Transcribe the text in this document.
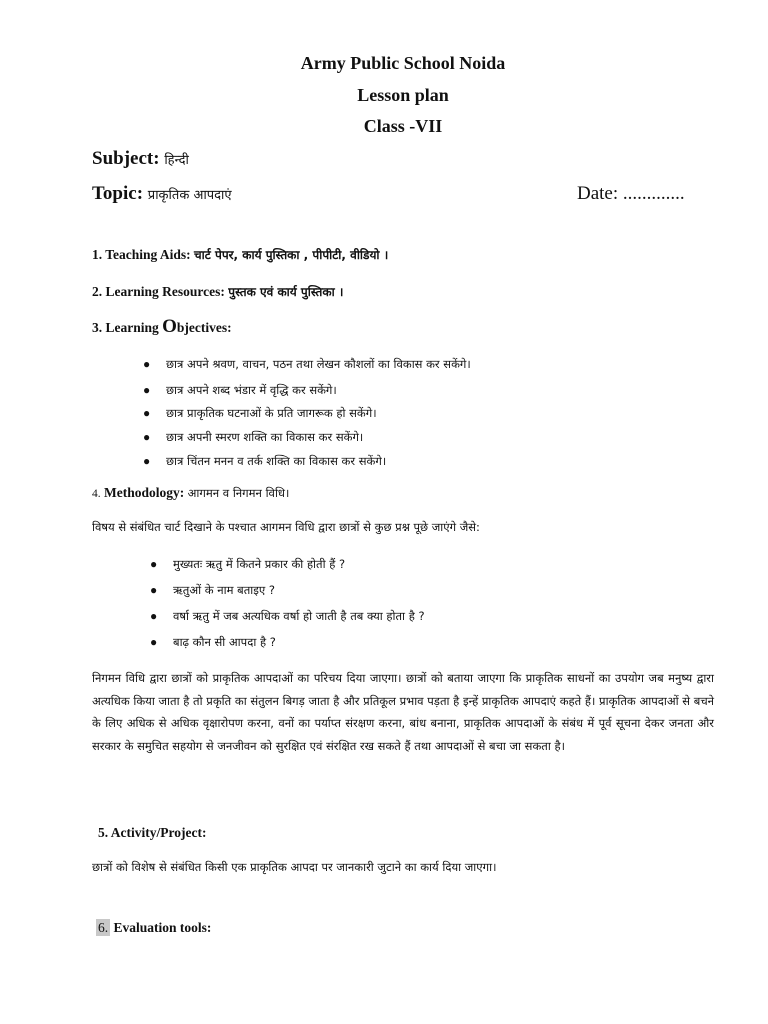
Army Public School Noida
Lesson plan
Class -VII
Subject: हिन्दी
Topic: प्राकृतिक आपदाएं	Date: .............
1. Teaching Aids: चार्ट पेपर, कार्य पुस्तिका , पीपीटी, वीडियो ।
2. Learning Resources: पुस्तक एवं कार्य पुस्तिका ।
3. Learning Objectives:
● छात्र अपने श्रवण, वाचन, पठन तथा लेखन कौशलों का विकास कर सकेंगे।
● छात्र अपने शब्द भंडार में वृद्धि कर सकेंगे।
● छात्र प्राकृतिक घटनाओं के प्रति जागरूक हो सकेंगे।
● छात्र अपनी स्मरण शक्ति का विकास कर सकेंगे।
● छात्र चिंतन मनन व तर्क शक्ति का विकास कर सकेंगे।
4. Methodology: आगमन व निगमन विधि।
विषय से संबंधित चार्ट दिखाने के पश्चात आगमन विधि द्वारा छात्रों से कुछ प्रश्न पूछे जाएंगे जैसे:
● मुख्यतः ऋतु में कितने प्रकार की होती हैं ?
● ऋतुओं के नाम बताइए ?
● वर्षा ऋतु में जब अत्यधिक वर्षा हो जाती है तब क्या होता है ?
● बाढ़ कौन सी आपदा है ?
निगमन विधि द्वारा छात्रों को प्राकृतिक आपदाओं का परिचय दिया जाएगा। छात्रों को बताया जाएगा कि प्राकृतिक साधनों का उपयोग जब मनुष्य द्वारा अत्यधिक किया जाता है तो प्रकृति का संतुलन बिगड़ जाता है और प्रतिकूल प्रभाव पड़ता है इन्हें प्राकृतिक आपदाएं कहते हैं। प्राकृतिक आपदाओं से बचने के लिए अधिक से अधिक वृक्षारोपण करना, वनों का पर्याप्त संरक्षण करना, बांध बनाना, प्राकृतिक आपदाओं के संबंध में पूर्व सूचना देकर जनता और सरकार के समुचित सहयोग से जनजीवन को सुरक्षित एवं संरक्षित रख सकते हैं तथा आपदाओं से बचा जा सकता है।
5. Activity/Project:
छात्रों को विशेष से संबंधित किसी एक प्राकृतिक आपदा पर जानकारी जुटाने का कार्य दिया जाएगा।
6. Evaluation tools:
